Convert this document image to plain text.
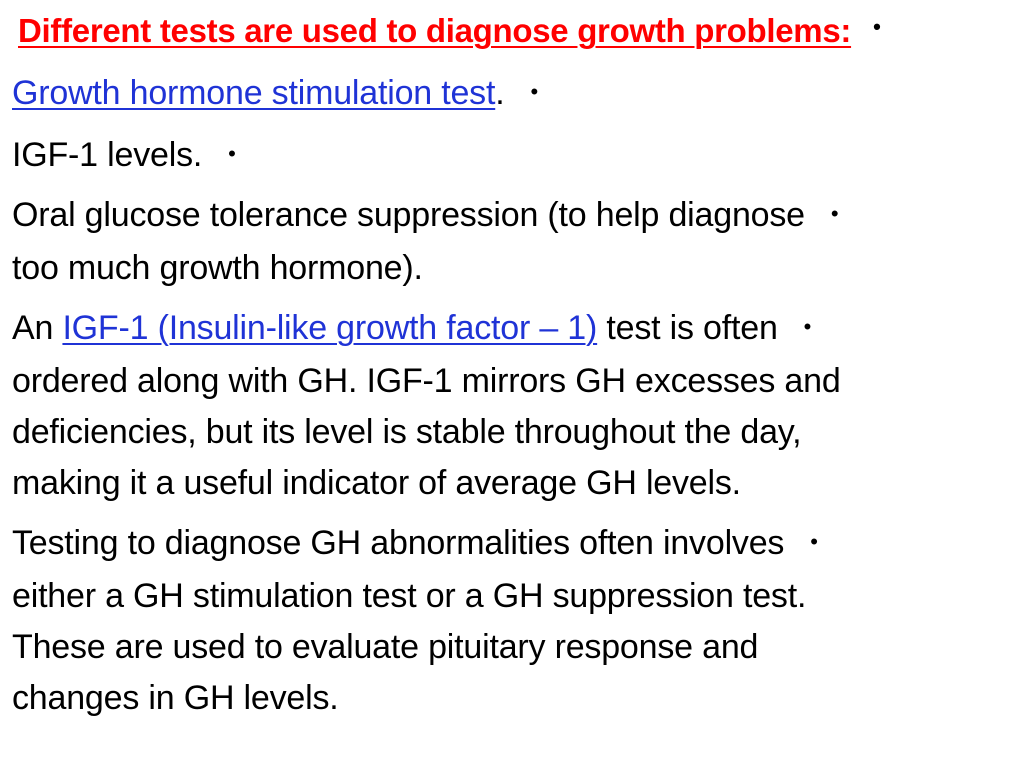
Different tests are used to diagnose growth problems: •
Growth hormone stimulation test. •
IGF-1 levels. •
Oral glucose tolerance suppression (to help diagnose •
too much growth hormone).
An IGF-1 (Insulin-like growth factor – 1) test is often •
ordered along with GH. IGF-1 mirrors GH excesses and
deficiencies, but its level is stable throughout the day,
making it a useful indicator of average GH levels.
Testing to diagnose GH abnormalities often involves •
either a GH stimulation test or a GH suppression test.
These are used to evaluate pituitary response and
changes in GH levels.
